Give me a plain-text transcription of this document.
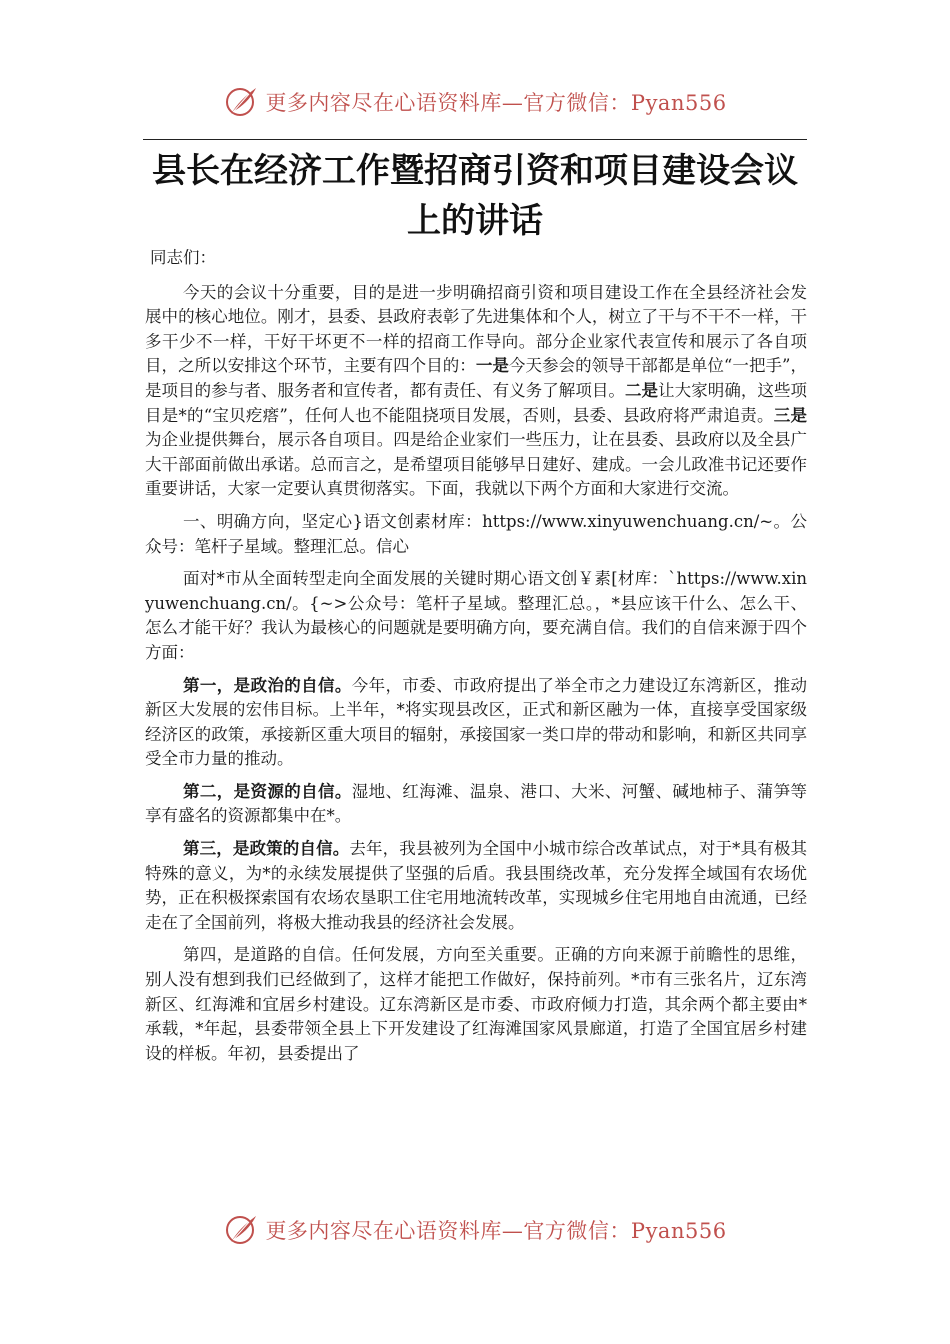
更多内容尽在心语资料库—官方微信：Pyan556
县长在经济工作暨招商引资和项目建设会议上的讲话

同志们：

今天的会议十分重要，目的是进一步明确招商引资和项目建设工作在全县经济社会发展中的核心地位。刚才，县委、县政府表彰了先进集体和个人，树立了干与不干不一样，干多干少不一样，干好干坏更不一样的招商工作导向。部分企业家代表宣传和展示了各自项目，之所以安排这个环节，主要有四个目的：一是今天参会的领导干部都是单位“一把手”，是项目的参与者、服务者和宣传者，都有责任、有义务了解项目。二是让大家明确，这些项目是*的“宝贝疙瘩”，任何人也不能阻挠项目发展，否则，县委、县政府将严肃追责。三是为企业提供舞台，展示各自项目。四是给企业家们一些压力，让在县委、县政府以及全县广大干部面前做出承诺。总而言之，是希望项目能够早日建好、建成。一会儿政准书记还要作重要讲话，大家一定要认真贯彻落实。下面，我就以下两个方面和大家进行交流。

一、明确方向，坚定心}语文创素材库：https://www.xinyuwenchuang.cn/~。公众号：笔杆子星域。整理汇总。信心

面对*市从全面转型走向全面发展的关键时期心语文创￥素[材库：`https://www.xinyuwenchuang.cn/。{~>公众号：笔杆子星域。整理汇总。，*县应该干什么、怎么干、怎么才能干好？我认为最核心的问题就是要明确方向，要充满自信。我们的自信来源于四个方面：

第一，是政治的自信。今年，市委、市政府提出了举全市之力建设辽东湾新区，推动新区大发展的宏伟目标。上半年，*将实现县改区，正式和新区融为一体，直接享受国家级经济区的政策，承接新区重大项目的辐射，承接国家一类口岸的带动和影响，和新区共同享受全市力量的推动。

第二，是资源的自信。湿地、红海滩、温泉、港口、大米、河蟹、碱地柿子、蒲笋等享有盛名的资源都集中在*。

第三，是政策的自信。去年，我县被列为全国中小城市综合改革试点，对于*具有极其特殊的意义，为*的永续发展提供了坚强的后盾。我县围绕改革，充分发挥全域国有农场优势，正在积极探索国有农场农垦职工住宅用地流转改革，实现城乡住宅用地自由流通，已经走在了全国前列，将极大推动我县的经济社会发展。

第四，是道路的自信。任何发展，方向至关重要。正确的方向来源于前瞻性的思维，别人没有想到我们已经做到了，这样才能把工作做好，保持前列。*市有三张名片，辽东湾新区、红海滩和宜居乡村建设。辽东湾新区是市委、市政府倾力打造，其余两个都主要由*承载，*年起，县委带领全县上下开发建设了红海滩国家风景廊道，打造了全国宜居乡村建设的样板。年初，县委提出了

更多内容尽在心语资料库—官方微信：Pyan556
